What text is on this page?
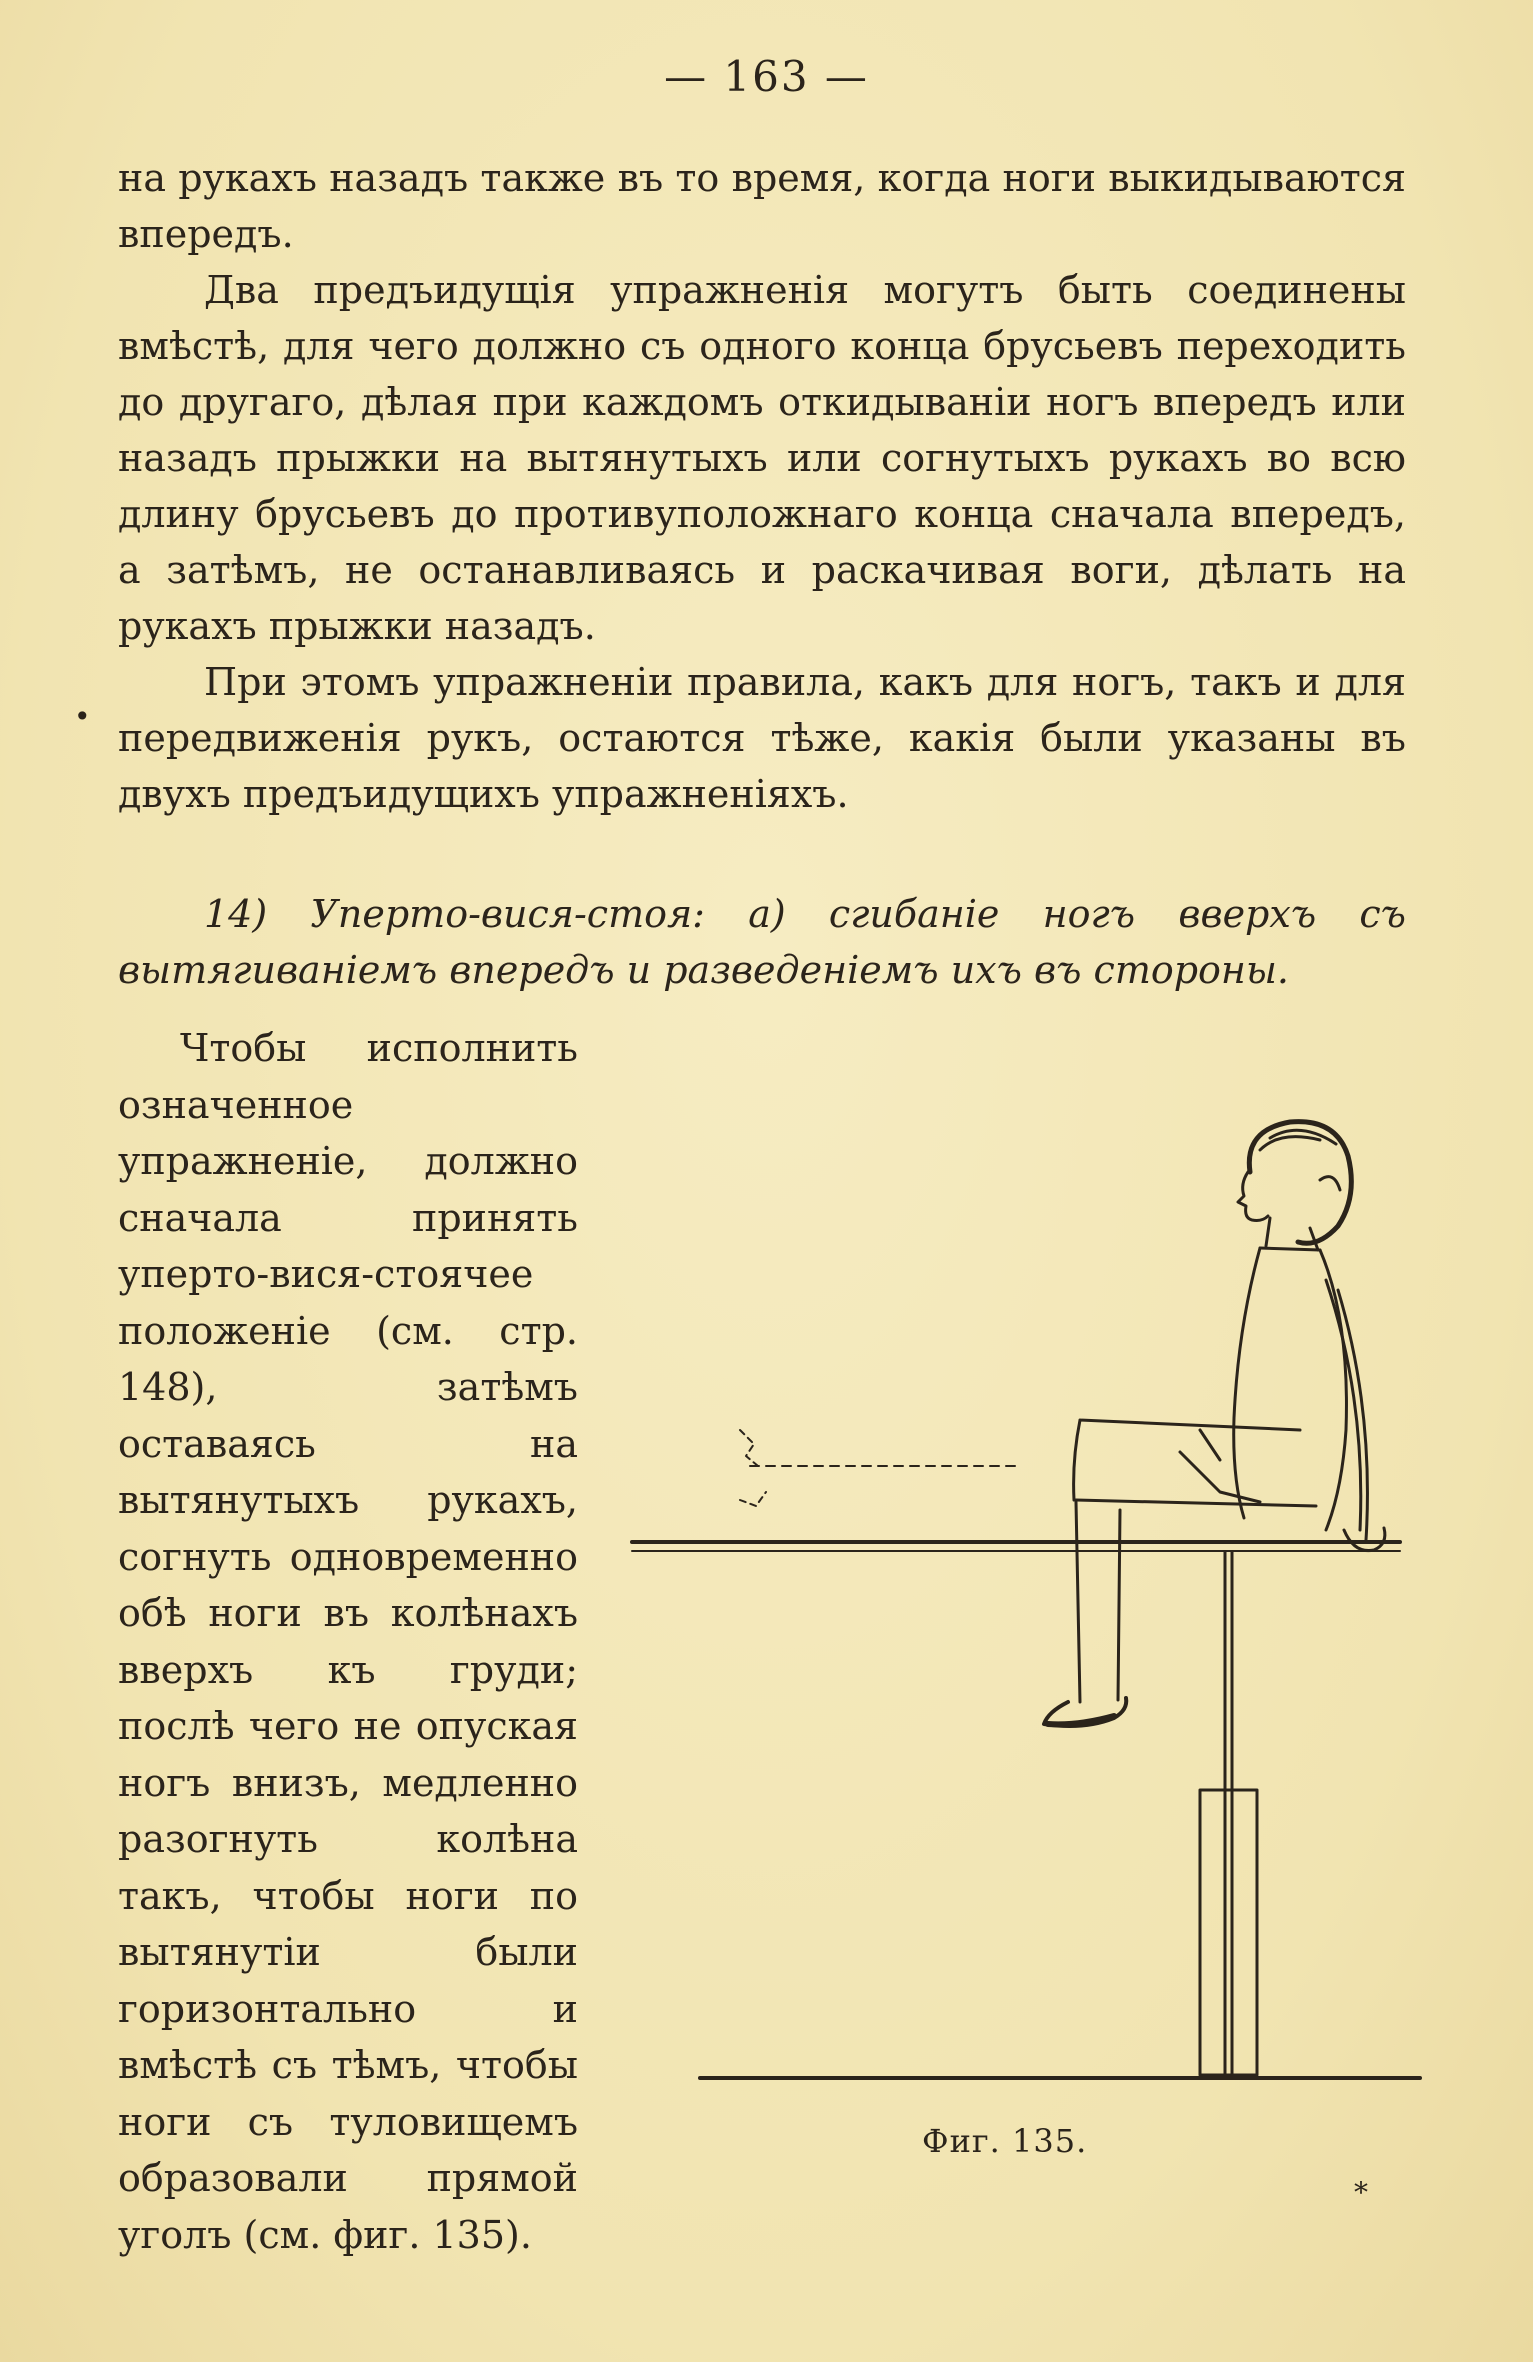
— 163 —

на рукахъ назадъ также въ то время, когда ноги выкидываются впередъ.

Два предъидущія упражненія могутъ быть соединены вмѣстѣ, для чего должно съ одного конца брусьевъ переходить до другаго, дѣлая при каждомъ откидываніи ногъ впередъ или назадъ прыжки на вытянутыхъ или согнутыхъ рукахъ во всю длину брусьевъ до противуположнаго конца сначала впередъ, а затѣмъ, не останавливаясь и раскачивая воги, дѣлать на рукахъ прыжки назадъ.

При этомъ упражненіи правила, какъ для ногъ, такъ и для передвиженія рукъ, остаются тѣже, какія были указаны въ двухъ предъидущихъ упражненіяхъ.

14) Уперто-вися-стоя: а) сгибаніе ногъ вверхъ съ вытягиваніемъ впередъ и разведеніемъ ихъ въ стороны.

Чтобы исполнить означенное упражненіе, должно сначала принять уперто-вися-стоячее положеніе (см. стр. 148), затѣмъ оставаясь на вытянутыхъ рукахъ, согнуть одновременно обѣ ноги въ колѣнахъ вверхъ къ груди; послѣ чего не опуская ногъ внизъ, медленно разогнуть колѣна такъ, чтобы ноги по вытянутіи были горизонтально и вмѣстѣ съ тѣмъ, чтобы ноги съ туловищемъ образовали прямой уголъ (см. фиг. 135).

Фиг. 135.
•
*
